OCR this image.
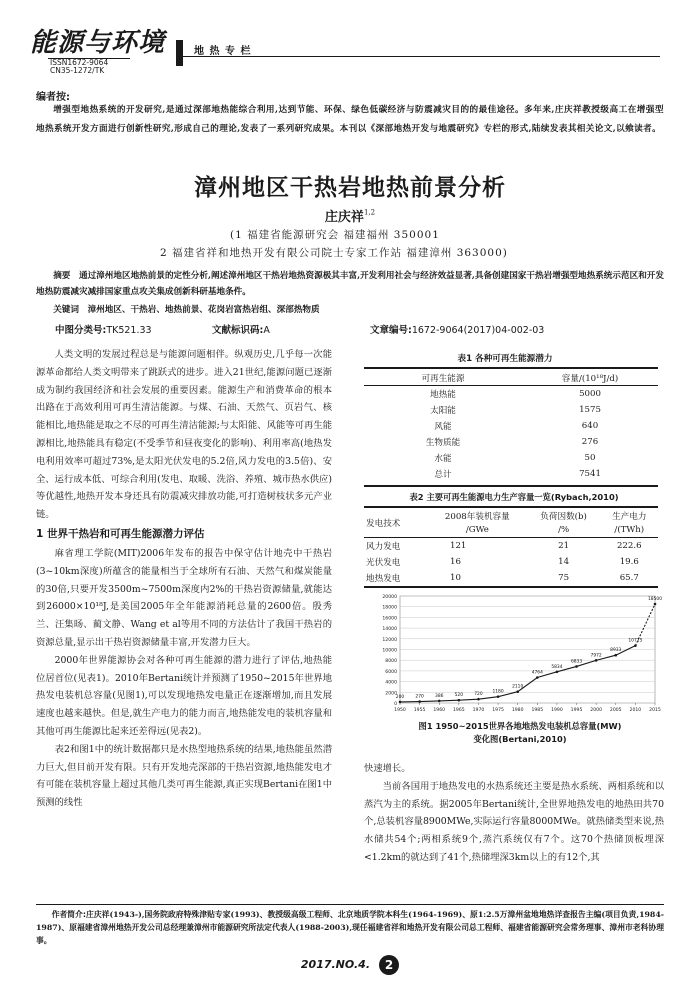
能源与环境
ISSN1672-9064
CN35-1272/TK
地 热 专 栏
编者按:

增强型地热系统的开发研究,是通过深部地热能综合利用,达到节能、环保、绿色低碳经济与防震减灾目的的最佳途径。多年来,庄庆祥教授级高工在增强型地热系统开发方面进行创新性研究,形成自己的理论,发表了一系列研究成果。本刊以《深部地热开发与地震研究》专栏的形式,陆续发表其相关论文,以飨读者。

漳州地区干热岩地热前景分析
庄庆祥$^{1,2}$
(1 福建省能源研究会 福建福州 350001
2 福建省祥和地热开发有限公司院士专家工作站 福建漳州 363000)
摘要 通过漳州地区地热前景的定性分析,阐述漳州地区干热岩地热资源极其丰富,开发利用社会与经济效益显著,具备创建国家干热岩增强型地热系统示范区和开发地热防震减灾减排国家重点攻关集成创新科研基地条件。
关键词 漳州地区、干热岩、地热前景、花岗岩富热岩组、深部热物质
中图分类号:TK521.33	文献标识码:A	文章编号:1672-9064(2017)04-002-03

人类文明的发展过程总是与能源问题相伴。纵观历史,几乎每一次能源革命都给人类文明带来了跳跃式的进步。进入21世纪,能源问题已逐渐成为制约我国经济和社会发展的重要因素。能源生产和消费革命的根本出路在于高效利用可再生清洁能源。与煤、石油、天然气、页岩气、核能相比,地热能是取之不尽的可再生清洁能源;与太阳能、风能等可再生能源相比,地热能具有稳定(不受季节和昼夜变化的影响)、利用率高(地热发电利用效率可超过73%,是太阳光伏发电的5.2倍,风力发电的3.5倍)、安全、运行成本低、可综合利用(发电、取暖、洗浴、养殖、城市热水供应)等优越性,地热开发本身还具有防震减灾排放功能,可打造树枝状多元产业链。

1 世界干热岩和可再生能源潜力评估

麻省理工学院(MIT)2006年发布的报告中保守估计地壳中干热岩(3~10km深度)所蕴含的能量相当于全球所有石油、天然气和煤炭能量的30倍,只要开发3500m~7500m深度内2%的干热岩资源储量,就能达到26000×10¹⁸J,是美国2005年全年能源消耗总量的2600倍。殷秀兰、汪集旸、蔺文静、Wang et al等用不同的方法估计了我国干热岩的资源总量,显示出干热岩资源储量丰富,开发潜力巨大。

2000年世界能源协会对各种可再生能源的潜力进行了评估,地热能位居首位(见表1)。2010年Bertani统计并预测了1950~2015年世界地热发电装机总容量(见图1),可以发现地热发电量正在逐渐增加,而且发展速度也越来越快。但是,就生产电力的能力而言,地热能发电的装机容量和其他可再生能源比起来还差得远(见表2)。

表2和图1中的统计数据都只是水热型地热系统的结果,地热能虽然潜力巨大,但目前开发有限。只有开发地壳深部的干热岩资源,地热能发电才有可能在装机容量上超过其他几类可再生能源,真正实现Bertani在图1中预测的线性

表1 各种可再生能源潜力
可再生能源	容量/(10¹⁸J/d)
地热能	5000
太阳能	1575
风能	640
生物质能	276
水能	50
总计	7541
表2 主要可再生能源电力生产容量一览(Rybach,2010)
发电技术	2008年装机容量	负荷因数(b)	生产电力
	/GWe	/%	/(TWh)
风力发电	121	21	222.6
光伏发电	16	14	19.6
地热发电	10	75	65.7
0
2000
4000
6000
8000
10000
12000
14000
16000
18000
20000
1950 1955 1960 1965 1970 1975 1980 1985 1990 1995 2000 2005 2010 2015
200	270	386	520	720 1180
2110
4764
5834
6833
7972
8933
10715
18500
图1 1950~2015世界各地地热发电装机总容量(MW)
变化图(Bertani,2010)

快速增长。

当前各国用于地热发电的水热系统还主要是热水系统、两相系统和以蒸汽为主的系统。据2005年Bertani统计,全世界地热发电的地热田共70个,总装机容量8900MWe,实际运行容量8000MWe。就热储类型来说,热水储共54个;两相系统9个,蒸汽系统仅有7个。这70个热储顶板埋深<1.2km的就达到了41个,热储埋深3km以上的有12个,其

作者简介:庄庆祥(1943-),国务院政府特殊津贴专家(1993)、教授级高级工程师、北京地质学院本科生(1964-1969)、原1:2.5万漳州盆地地热详查报告主编(项目负责,1984-1987)、原福建省漳州地热开发公司总经理兼漳州市能源研究所法定代表人(1988-2003),现任福建省祥和地热开发有限公司总工程师、福建省能源研究会常务理事、漳州市老科协理事。
2017.NO.4. 2
